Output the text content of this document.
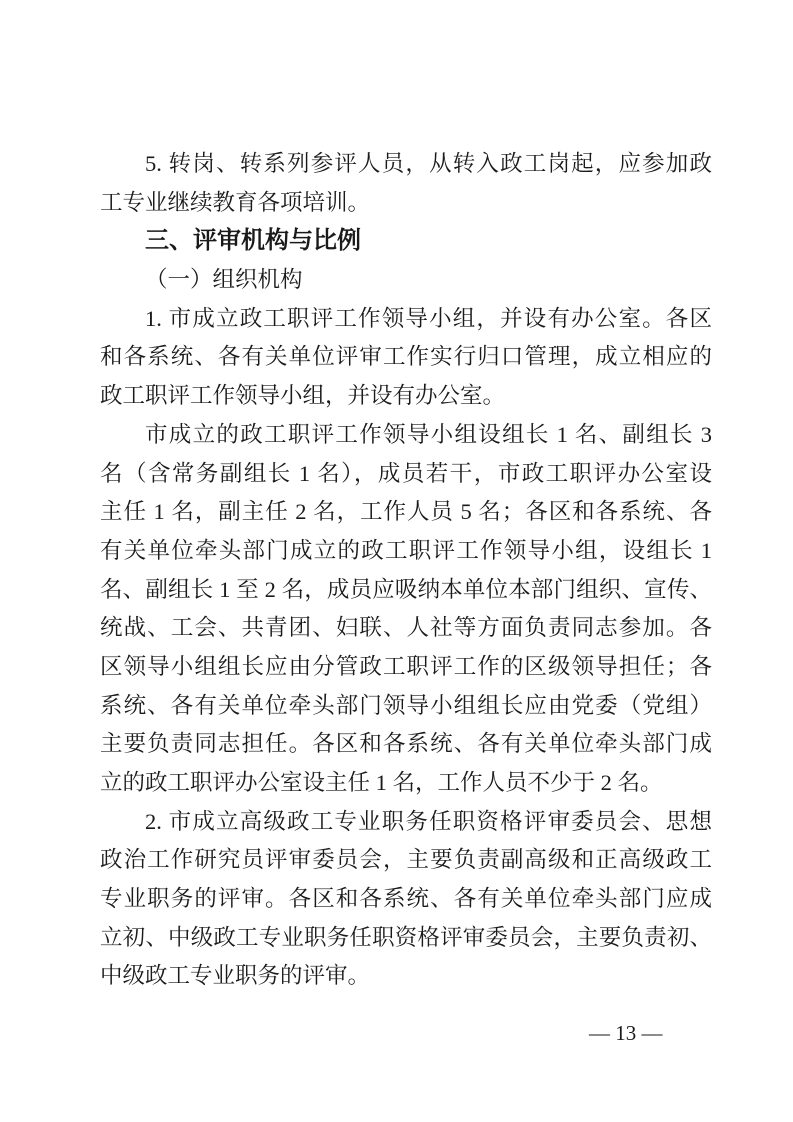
5. 转岗、转系列参评人员，从转入政工岗起，应参加政
工专业继续教育各项培训。
三、评审机构与比例
（一）组织机构
1. 市成立政工职评工作领导小组，并设有办公室。各区
和各系统、各有关单位评审工作实行归口管理，成立相应的
政工职评工作领导小组，并设有办公室。
市成立的政工职评工作领导小组设组长 1 名、副组长 3
名（含常务副组长 1 名），成员若干，市政工职评办公室设
主任 1 名，副主任 2 名，工作人员 5 名；各区和各系统、各
有关单位牵头部门成立的政工职评工作领导小组，设组长 1
名、副组长 1 至 2 名，成员应吸纳本单位本部门组织、宣传、
统战、工会、共青团、妇联、人社等方面负责同志参加。各
区领导小组组长应由分管政工职评工作的区级领导担任；各
系统、各有关单位牵头部门领导小组组长应由党委（党组）
主要负责同志担任。各区和各系统、各有关单位牵头部门成
立的政工职评办公室设主任 1 名，工作人员不少于 2 名。
2. 市成立高级政工专业职务任职资格评审委员会、思想
政治工作研究员评审委员会，主要负责副高级和正高级政工
专业职务的评审。各区和各系统、各有关单位牵头部门应成
立初、中级政工专业职务任职资格评审委员会，主要负责初、
中级政工专业职务的评审。
— 13 —
